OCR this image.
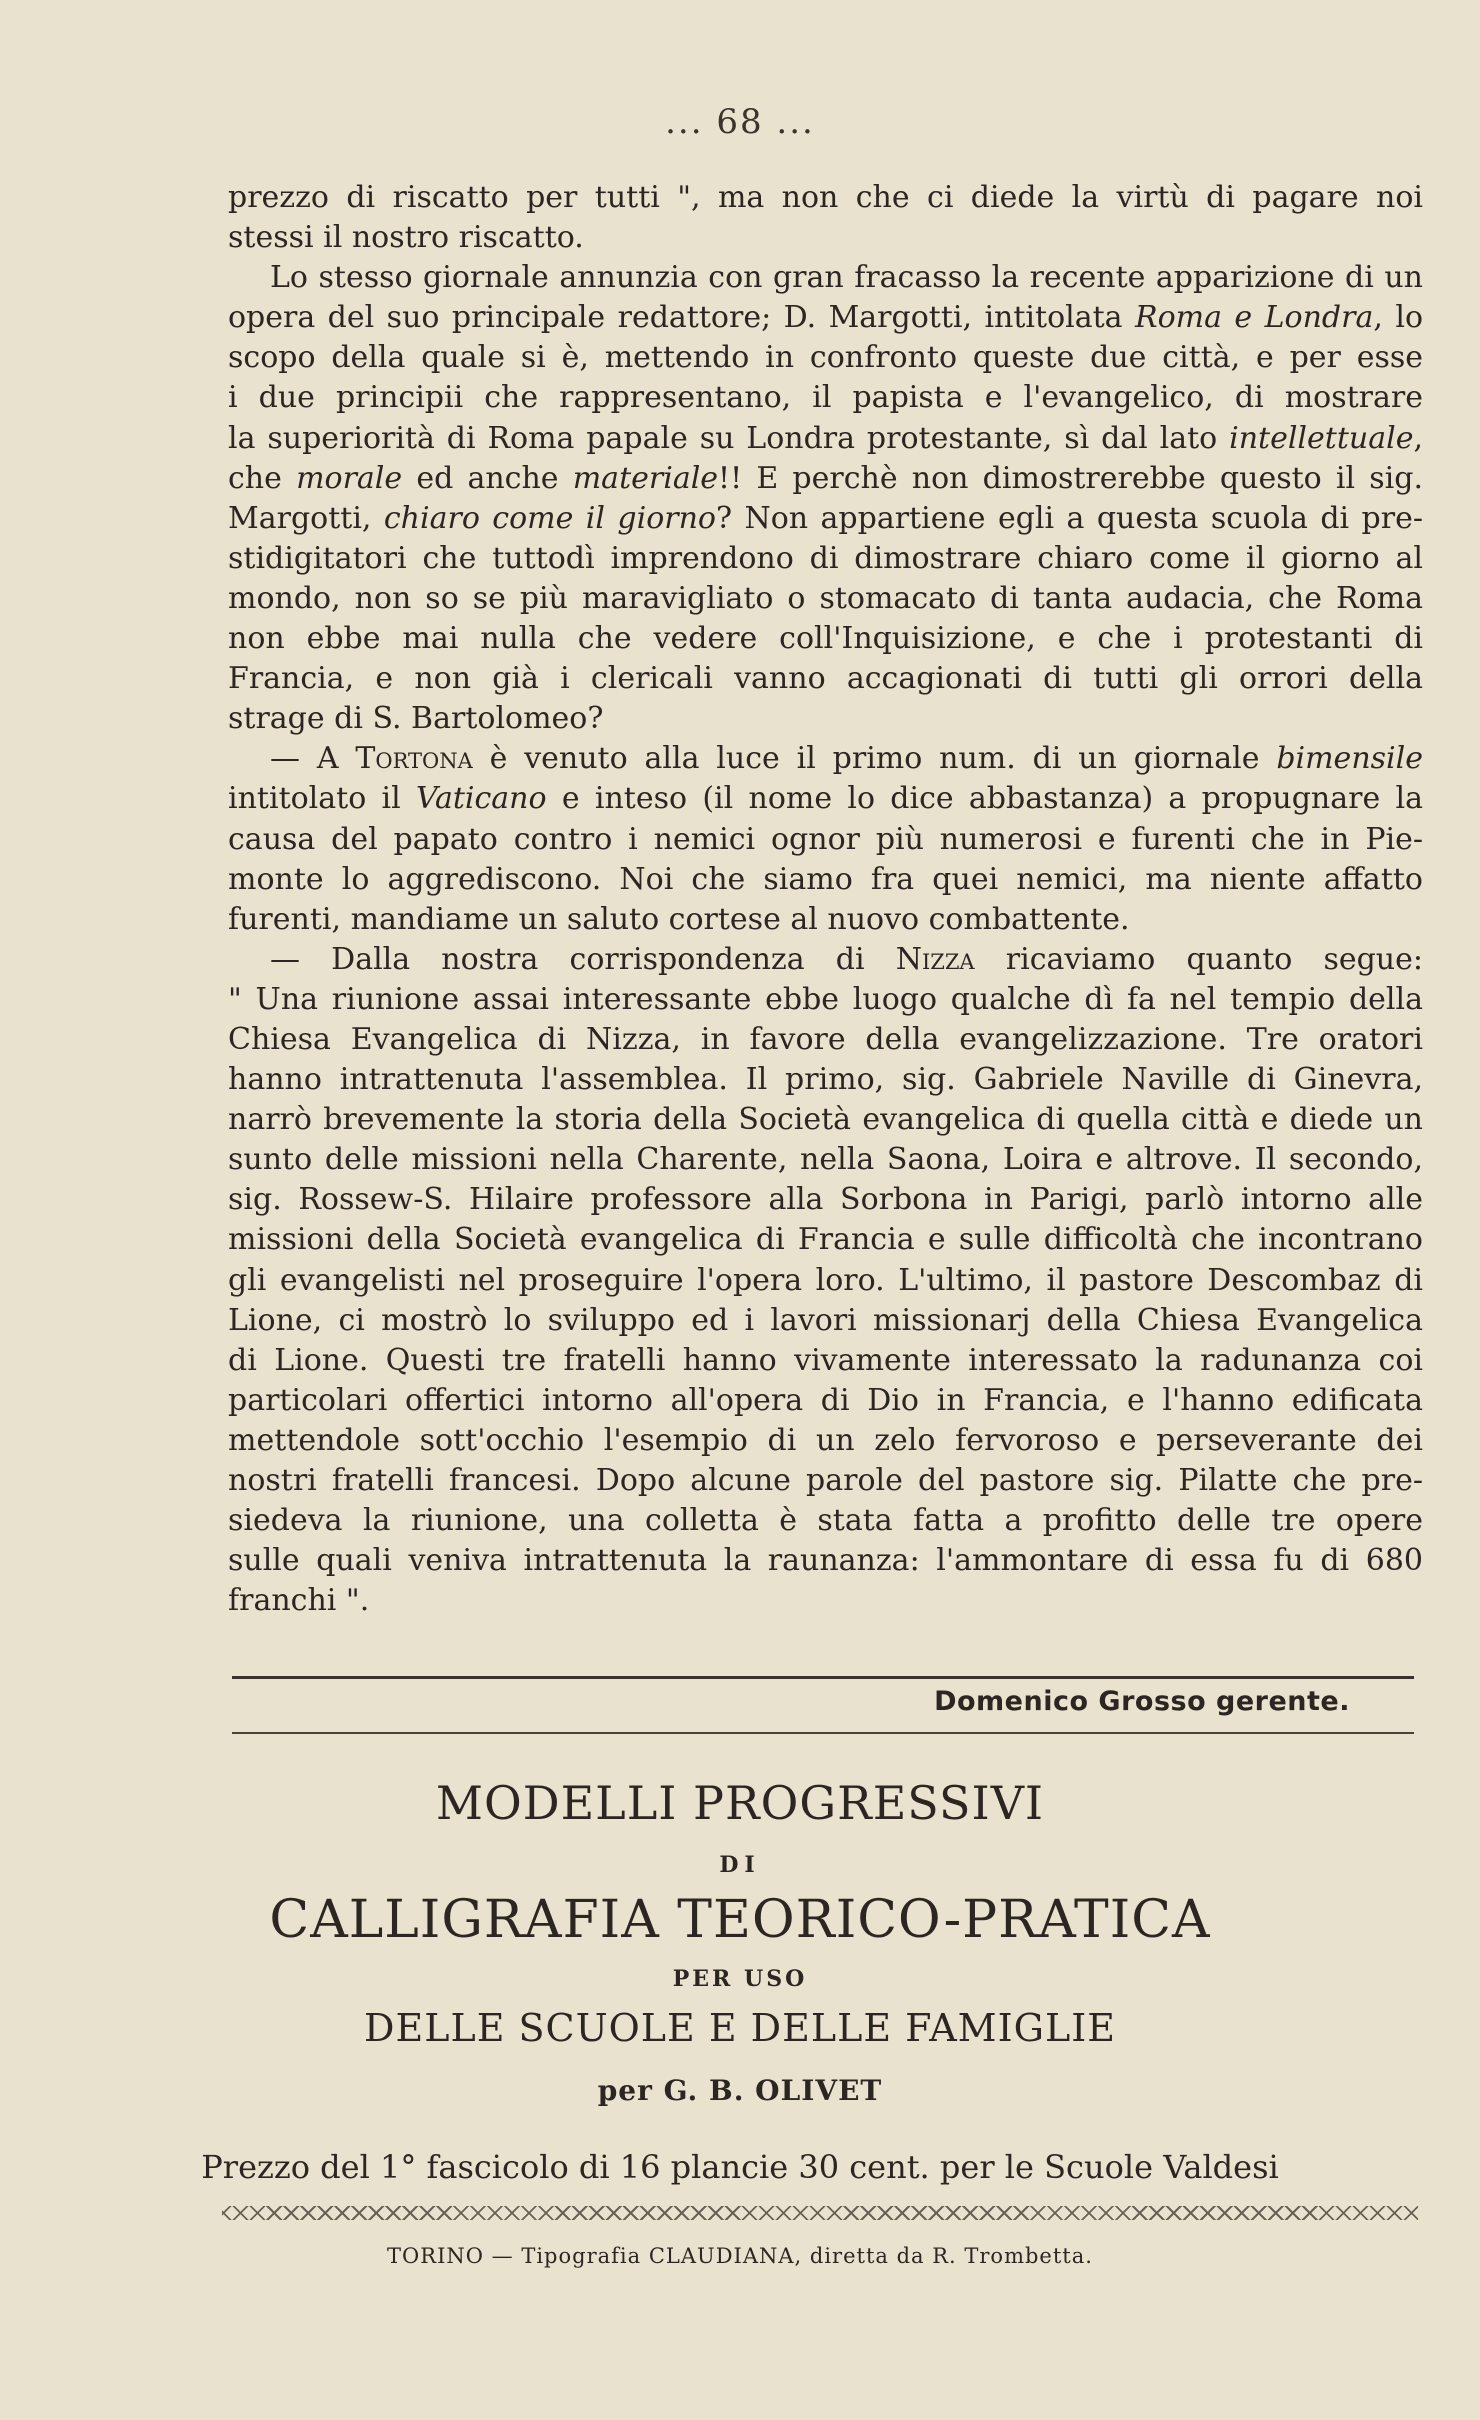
... 68 ...
prezzo di riscatto per tutti ", ma non che ci diede la virtù di pagare noi
stessi il nostro riscatto.
Lo stesso giornale annunzia con gran fracasso la recente apparizione di un
opera del suo principale redattore; D. Margotti, intitolata Roma e Londra, lo
scopo della quale si è, mettendo in confronto queste due città, e per esse
i due principii che rappresentano, il papista e l'evangelico, di mostrare
la superiorità di Roma papale su Londra protestante, sì dal lato intellettuale,
che morale ed anche materiale!! E perchè non dimostrerebbe questo il sig.
Margotti, chiaro come il giorno? Non appartiene egli a questa scuola di pre-
stidigitatori che tuttodì imprendono di dimostrare chiaro come il giorno al
mondo, non so se più maravigliato o stomacato di tanta audacia, che Roma
non ebbe mai nulla che vedere coll'Inquisizione, e che i protestanti di
Francia, e non già i clericali vanno accagionati di tutti gli orrori della
strage di S. Bartolomeo?
— A Tortona è venuto alla luce il primo num. di un giornale bimensile
intitolato il Vaticano e inteso (il nome lo dice abbastanza) a propugnare la
causa del papato contro i nemici ognor più numerosi e furenti che in Pie-
monte lo aggrediscono. Noi che siamo fra quei nemici, ma niente affatto
furenti, mandiame un saluto cortese al nuovo combattente.
— Dalla nostra corrispondenza di Nizza ricaviamo quanto segue:
" Una riunione assai interessante ebbe luogo qualche dì fa nel tempio della
Chiesa Evangelica di Nizza, in favore della evangelizzazione. Tre oratori
hanno intrattenuta l'assemblea. Il primo, sig. Gabriele Naville di Ginevra,
narrò brevemente la storia della Società evangelica di quella città e diede un
sunto delle missioni nella Charente, nella Saona, Loira e altrove. Il secondo,
sig. Rossew-S. Hilaire professore alla Sorbona in Parigi, parlò intorno alle
missioni della Società evangelica di Francia e sulle difficoltà che incontrano
gli evangelisti nel proseguire l'opera loro. L'ultimo, il pastore Descombaz di
Lione, ci mostrò lo sviluppo ed i lavori missionarj della Chiesa Evangelica
di Lione. Questi tre fratelli hanno vivamente interessato la radunanza coi
particolari offertici intorno all'opera di Dio in Francia, e l'hanno edificata
mettendole sott'occhio l'esempio di un zelo fervoroso e perseverante dei
nostri fratelli francesi. Dopo alcune parole del pastore sig. Pilatte che pre-
siedeva la riunione, una colletta è stata fatta a profitto delle tre opere
sulle quali veniva intrattenuta la raunanza: l'ammontare di essa fu di 680
franchi ".
Domenico Grosso gerente.
MODELLI PROGRESSIVI
DI
CALLIGRAFIA TEORICO-PRATICA
PER USO
DELLE SCUOLE E DELLE FAMIGLIE
per G. B. OLIVET
Prezzo del 1° fascicolo di 16 plancie 30 cent. per le Scuole Valdesi
TORINO — Tipografia CLAUDIANA, diretta da R. Trombetta.
